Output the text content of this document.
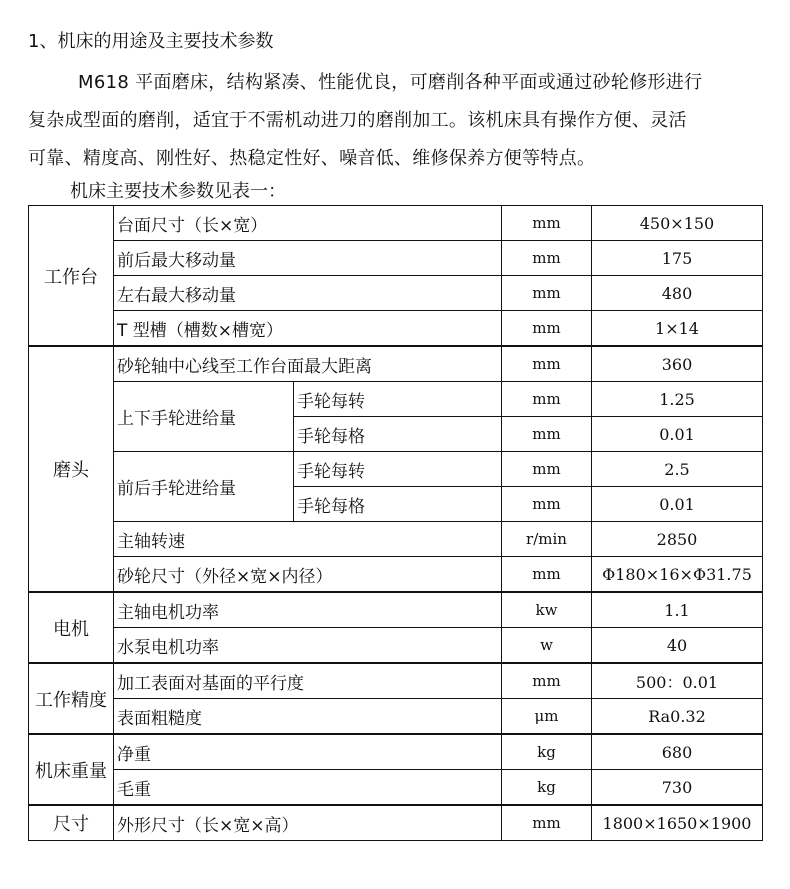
1、机床的用途及主要技术参数

M618 平面磨床，结构紧凑、性能优良，可磨削各种平面或通过砂轮修形进行

复杂成型面的磨削，适宜于不需机动进刀的磨削加工。该机床具有操作方便、灵活

可靠、精度高、刚性好、热稳定性好、噪音低、维修保养方便等特点。

机床主要技术参数见表一：
工作台	台面尺寸（长×宽）		mm	450×150
	前后最大移动量		mm	175
	左右最大移动量		mm	480
	T 型槽（槽数×槽宽）		mm	1×14
磨头	砂轮轴中心线至工作台面最大距离		mm	360
	上下手轮进给量	手轮每转	mm	1.25
		手轮每格	mm	0.01
	前后手轮进给量	手轮每转	mm	2.5
		手轮每格	mm	0.01
	主轴转速		r/min	2850
	砂轮尺寸（外径×宽×内径）		mm	Φ180×16×Φ31.75
电机	主轴电机功率		kw	1.1
	水泵电机功率		w	40
工作精度	加工表面对基面的平行度		mm	500：0.01
	表面粗糙度		μm	Ra0.32
机床重量	净重		kg	680
	毛重		kg	730
尺寸	外形尺寸（长×宽×高）		mm	1800×1650×1900
